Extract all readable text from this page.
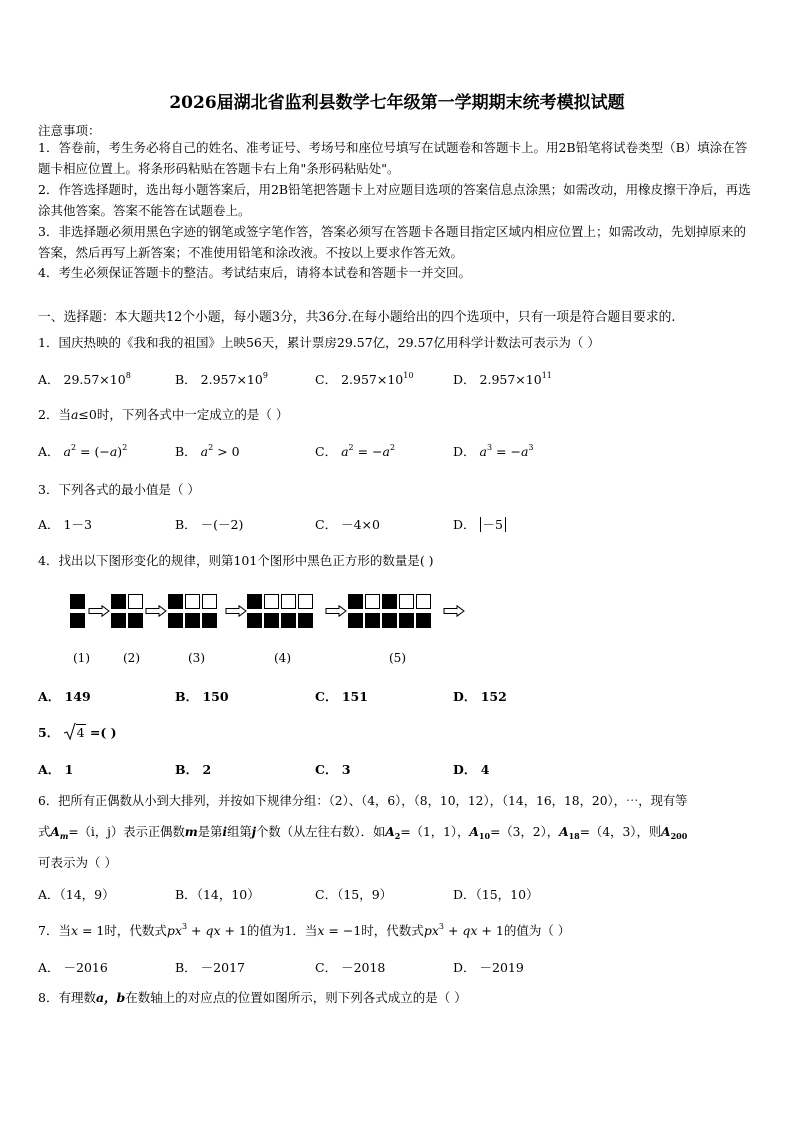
2026届湖北省监利县数学七年级第一学期期末统考模拟试题
注意事项：
1．答卷前，考生务必将自己的姓名、准考证号、考场号和座位号填写在试题卷和答题卡上。用2B铅笔将试卷类型（B）填涂在答题卡相应位置上。将条形码粘贴在答题卡右上角"条形码粘贴处"。
2．作答选择题时，选出每小题答案后，用2B铅笔把答题卡上对应题目选项的答案信息点涂黑；如需改动，用橡皮擦干净后，再选涂其他答案。答案不能答在试题卷上。
3．非选择题必须用黑色字迹的钢笔或签字笔作答，答案必须写在答题卡各题目指定区域内相应位置上；如需改动，先划掉原来的答案，然后再写上新答案；不准使用铅笔和涂改液。不按以上要求作答无效。
4．考生必须保证答题卡的整洁。考试结束后，请将本试卷和答题卡一并交回。
一、选择题：本大题共12个小题，每小题3分，共36分.在每小题给出的四个选项中，只有一项是符合题目要求的.
1．国庆热映的《我和我的祖国》上映56天，累计票房29.57亿，29.57亿用科学计数法可表示为（ ）
A． $29.57\times 10^8$	B． $2.957\times 10^9$	C． $2.957\times 10^{10}$	D． $2.957\times 10^{11}$
2．当a≤0时，下列各式中一定成立的是（ ）
A． $a^2 = (-a)^2$	B． $a^2 > 0$	C． $a^2 = -a^2$	D． $a^3 = -a^3$
3．下列各式的最小值是（ ）
A． 1－3	B． －(－2)	C． －4×0	D． －5
4．找出以下图形变化的规律，则第101个图形中黑色正方形的数量是( )
(1)	(2)	(3)	(4)	(5)
A． 149	B． 150	C． 151	D． 152
5． 4 =( )
A． 1	B． 2	C． 3	D． 4
6．把所有正偶数从小到大排列，并按如下规律分组：（2）、（4，6），（8，10，12），（14，16，18，20），⋯，现有等
式$A_m=(i$，j）表示正偶数m是第i组第j个数（从左往右数）．如$A_2=(1$，1），$A_{10}=(3$，2），$A_{18}=(4$，3），则$A_{200}$
可表示为（ ）
A．（14，9）	B．（14，10）	C．（15，9）	D．（15，10）
7．当x = 1时，代数式$px^3$ + qx + 1的值为1．当x = −1时，代数式$px^3$ + qx + 1的值为（ ）
A． －2016	B． －2017	C． －2018	D． －2019
8．有理数a，b在数轴上的对应点的位置如图所示，则下列各式成立的是（ ）
